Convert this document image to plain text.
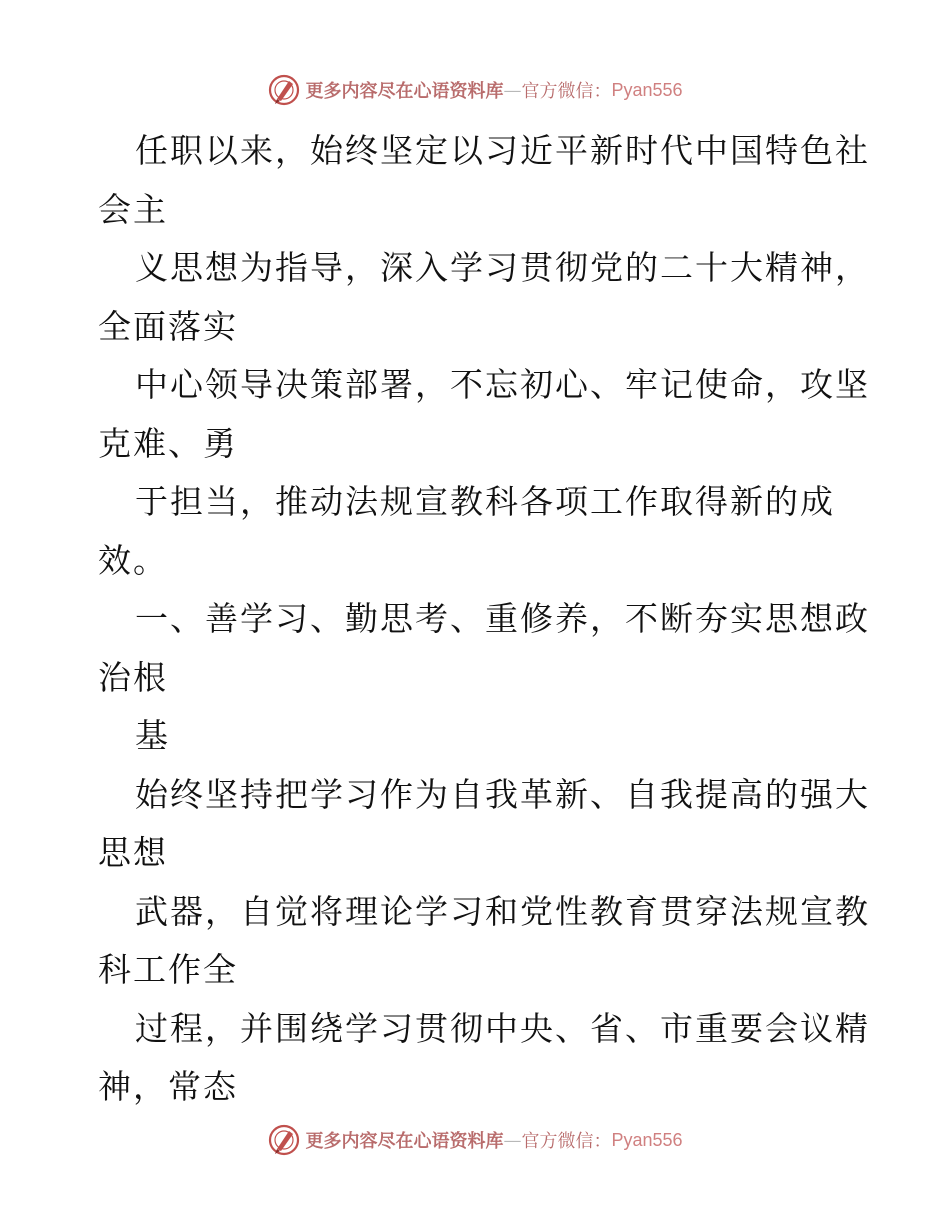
更多内容尽在心语资料库 — 官方微信： Pyan556
任职以来，始终坚定以习近平新时代中国特色社
会主
义思想为指导，深入学习贯彻党的二十大精神，
全面落实
中心领导决策部署，不忘初心、牢记使命，攻坚
克难、勇
于担当，推动法规宣教科各项工作取得新的成
效。
一、善学习、勤思考、重修养，不断夯实思想政
治根
基
始终坚持把学习作为自我革新、自我提高的强大
思想
武器，自觉将理论学习和党性教育贯穿法规宣教
科工作全
过程，并围绕学习贯彻中央、省、市重要会议精
神，常态
更多内容尽在心语资料库 — 官方微信： Pyan556
